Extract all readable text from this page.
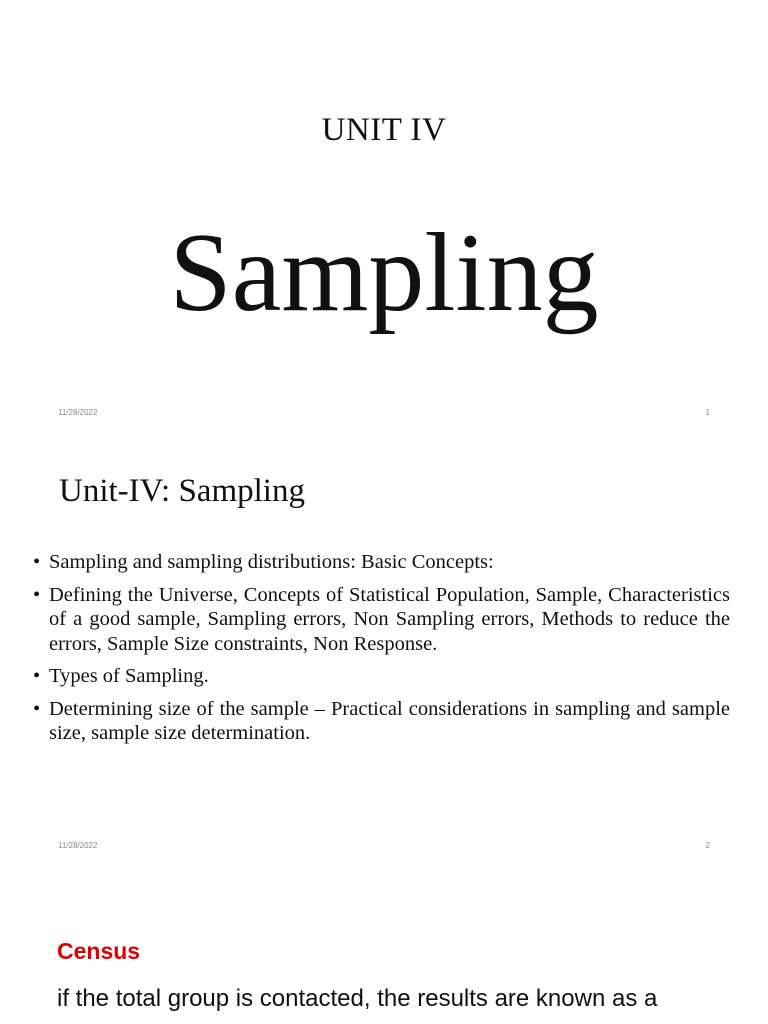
UNIT IV
Sampling
11/28/2022	1
Unit-IV: Sampling
• Sampling and sampling distributions: Basic Concepts:
• Defining the Universe, Concepts of Statistical Population, Sample, Characteristics of a good sample, Sampling errors, Non Sampling errors, Methods to reduce the errors, Sample Size constraints, Non Response.
• Types of Sampling.
• Determining size of the sample – Practical considerations in sampling and sample size, sample size determination.
11/28/2022	2
Census
if the total group is contacted, the results are known as a
